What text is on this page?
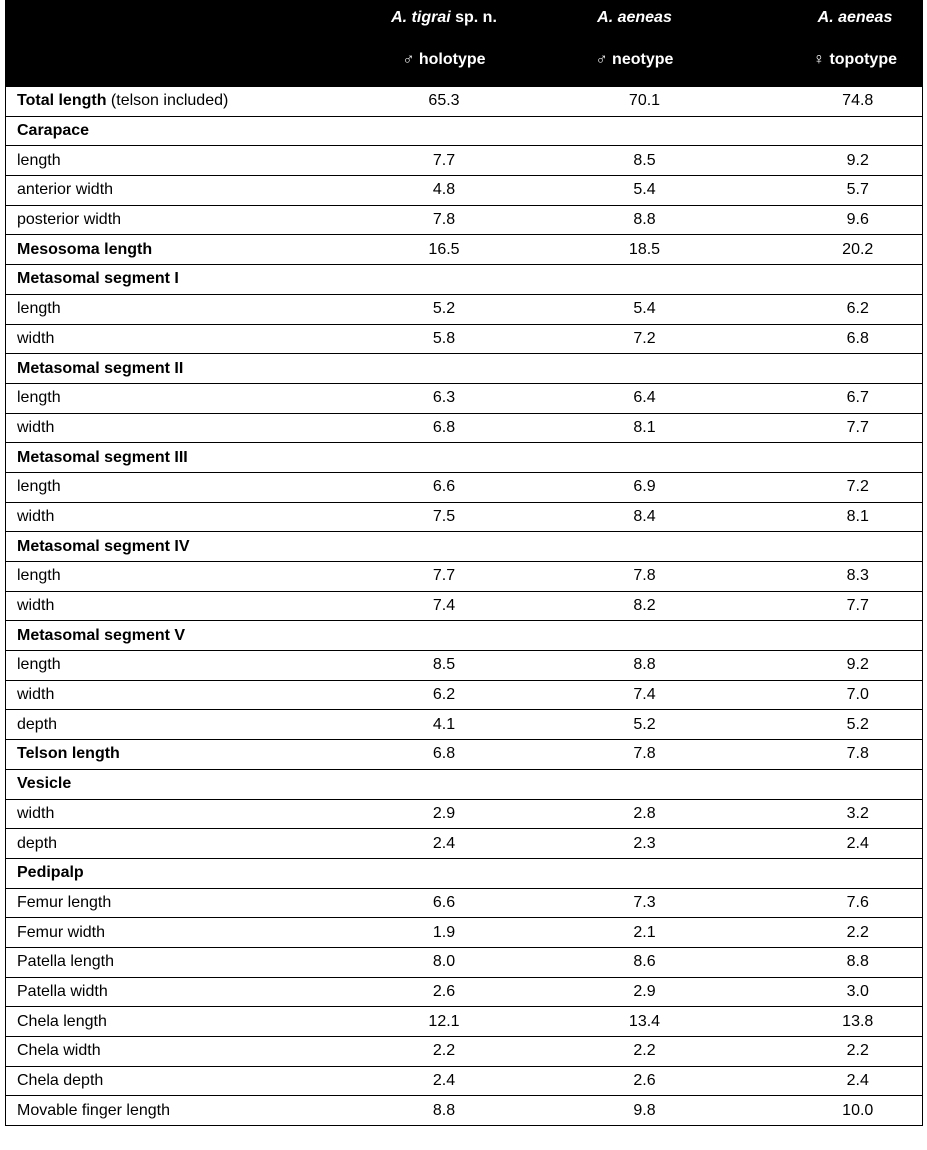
	A. tigrai sp. n.	A. aeneas	A. aeneas

	♂ holotype	♂ neotype	♀ topotype

Total length (telson included)	65.3	70.1	74.8
Carapace			
length	7.7	8.5	9.2
anterior width	4.8	5.4	5.7
posterior width	7.8	8.8	9.6
Mesosoma length	16.5	18.5	20.2
Metasomal segment I			
length	5.2	5.4	6.2
width	5.8	7.2	6.8
Metasomal segment II			
length	6.3	6.4	6.7
width	6.8	8.1	7.7
Metasomal segment III			
length	6.6	6.9	7.2
width	7.5	8.4	8.1
Metasomal segment IV			
length	7.7	7.8	8.3
width	7.4	8.2	7.7
Metasomal segment V			
length	8.5	8.8	9.2
width	6.2	7.4	7.0
depth	4.1	5.2	5.2
Telson length	6.8	7.8	7.8
Vesicle			
width	2.9	2.8	3.2
depth	2.4	2.3	2.4
Pedipalp			
Femur length	6.6	7.3	7.6
Femur width	1.9	2.1	2.2
Patella length	8.0	8.6	8.8
Patella width	2.6	2.9	3.0
Chela length	12.1	13.4	13.8
Chela width	2.2	2.2	2.2
Chela depth	2.4	2.6	2.4
Movable finger length	8.8	9.8	10.0
